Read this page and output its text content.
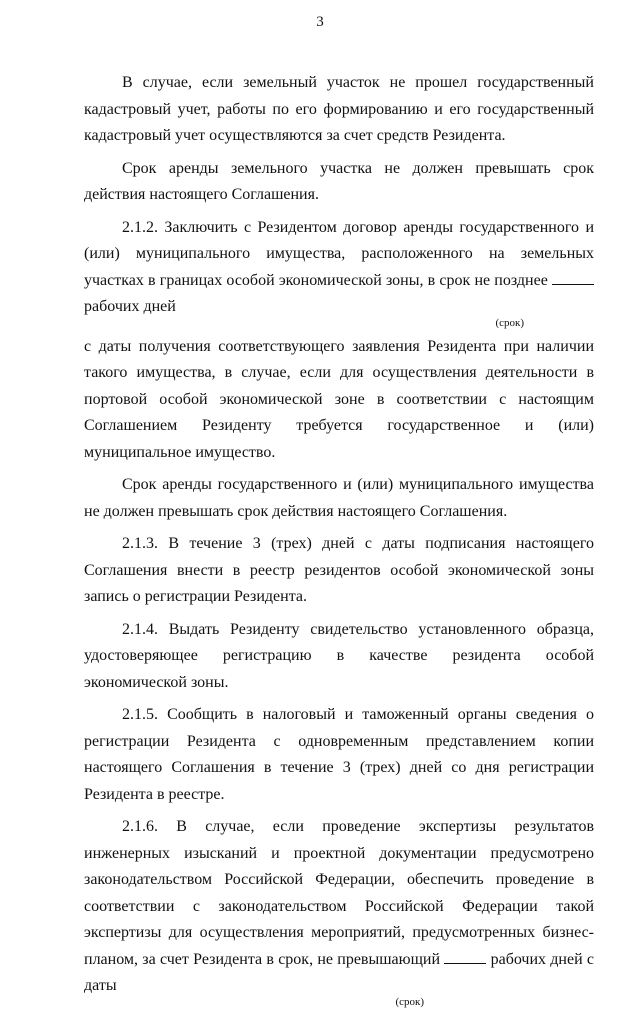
3

В случае, если земельный участок не прошел государственный кадастровый учет, работы по его формированию и его государственный кадастровый учет осуществляются за счет средств Резидента.

Срок аренды земельного участка не должен превышать срок действия настоящего Соглашения.

2.1.2. Заключить с Резидентом договор аренды государственного и (или) муниципального имущества, расположенного на земельных участках в границах особой экономической зоны, в срок не позднее  рабочих дней

(срок)

с даты получения соответствующего заявления Резидента при наличии такого имущества, в случае, если для осуществления деятельности в портовой особой экономической зоне в соответствии с настоящим Соглашением Резиденту требуется государственное и (или) муниципальное имущество.

Срок аренды государственного и (или) муниципального имущества не должен превышать срок действия настоящего Соглашения.

2.1.3. В течение 3 (трех) дней с даты подписания настоящего Соглашения внести в реестр резидентов особой экономической зоны запись о регистрации Резидента.

2.1.4. Выдать Резиденту свидетельство установленного образца, удостоверяющее регистрацию в качестве резидента особой экономической зоны.

2.1.5. Сообщить в налоговый и таможенный органы сведения о регистрации Резидента с одновременным представлением копии настоящего Соглашения в течение 3 (трех) дней со дня регистрации Резидента в реестре.

2.1.6. В случае, если проведение экспертизы результатов инженерных изысканий и проектной документации предусмотрено законодательством Российской Федерации, обеспечить проведение в соответствии с законодательством Российской Федерации такой экспертизы для осуществления мероприятий, предусмотренных бизнес-планом, за счет Резидента в срок, не превышающий	рабочих дней с даты

(срок)
